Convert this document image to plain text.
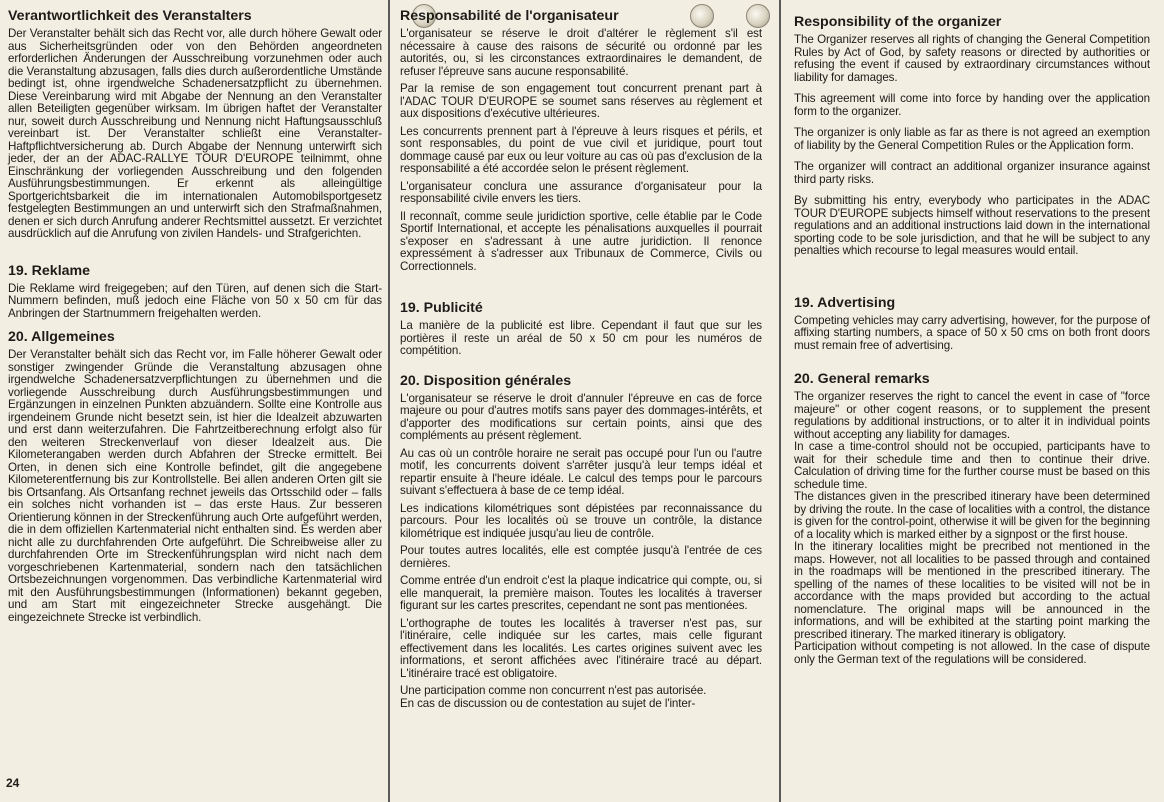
Verantwortlichkeit des Veranstalters

Der Veranstalter behält sich das Recht vor, alle durch höhere Gewalt oder aus Sicherheitsgründen oder von den Behörden angeordneten erforderlichen Änderungen der Ausschreibung vorzunehmen oder auch die Veranstaltung abzusagen, falls dies durch außerordentliche Umstände bedingt ist, ohne irgendwelche Schadenersatzpflicht zu übernehmen. Diese Vereinbarung wird mit Abgabe der Nennung an den Veranstalter allen Beteiligten gegenüber wirksam. Im übrigen haftet der Veranstalter nur, soweit durch Ausschreibung und Nennung nicht Haftungsausschluß vereinbart ist. Der Veranstalter schließt eine Veranstalter-Haftpflichtversicherung ab. Durch Abgabe der Nennung unterwirft sich jeder, der an der ADAC-RALLYE TOUR D'EUROPE teilnimmt, ohne Einschränkung der vorliegenden Ausschreibung und den folgenden Ausführungsbestimmungen. Er erkennt als alleingültige Sportgerichtsbarkeit die im internationalen Automobilsportgesetz festgelegten Bestimmungen an und unterwirft sich den Strafmaßnahmen, denen er sich durch Anrufung anderer Rechtsmittel aussetzt. Er verzichtet ausdrücklich auf die Anrufung von zivilen Handels- und Strafgerichten.

19. Reklame

Die Reklame wird freigegeben; auf den Türen, auf denen sich die Start-Nummern befinden, muß jedoch eine Fläche von 50 x 50 cm für das Anbringen der Startnummern freigehalten werden.

20. Allgemeines

Der Veranstalter behält sich das Recht vor, im Falle höherer Gewalt oder sonstiger zwingender Gründe die Veranstaltung abzusagen ohne irgendwelche Schadenersatzverpflichtungen zu übernehmen und die vorliegende Ausschreibung durch Ausführungsbestimmungen und Ergänzungen in einzelnen Punkten abzuändern. Sollte eine Kontrolle aus irgendeinem Grunde nicht besetzt sein, ist hier die Idealzeit abzuwarten und erst dann weiterzufahren. Die Fahrtzeitberechnung erfolgt also für den weiteren Streckenverlauf von dieser Idealzeit aus. Die Kilometerangaben werden durch Abfahren der Strecke ermittelt. Bei Orten, in denen sich eine Kontrolle befindet, gilt die angegebene Kilometerentfernung bis zur Kontrollstelle. Bei allen anderen Orten gilt sie bis Ortsanfang. Als Ortsanfang rechnet jeweils das Ortsschild oder – falls ein solches nicht vorhanden ist – das erste Haus. Zur besseren Orientierung können in der Streckenführung auch Orte aufgeführt werden, die in dem offiziellen Kartenmaterial nicht enthalten sind. Es werden aber nicht alle zu durchfahrenden Orte aufgeführt. Die Schreibweise aller zu durchfahrenden Orte im Streckenführungsplan wird nicht nach dem vorgeschriebenen Kartenmaterial, sondern nach den tatsächlichen Ortsbezeichnungen vorgenommen. Das verbindliche Kartenmaterial wird mit den Ausführungsbestimmungen (Informationen) bekannt gegeben, und am Start mit eingezeichneter Strecke ausgehängt. Die eingezeichnete Strecke ist verbindlich.

Responsabilité de l'organisateur

L'organisateur se réserve le droit d'altérer le règlement s'il est nécessaire à cause des raisons de sécurité ou ordonné par les autorités, ou, si les circonstances extraordinaires le demandent, de refuser l'épreuve sans aucune responsabilité.

Par la remise de son engagement tout concurrent prenant part à l'ADAC TOUR D'EUROPE se soumet sans réserves au règlement et aux dispositions d'exécutive ultérieures.

Les concurrents prennent part à l'épreuve à leurs risques et périls, et sont responsables, du point de vue civil et juridique, pourt tout dommage causé par eux ou leur voiture au cas où pas d'exclusion de la responsabilité a été accordée selon le présent règlement.

L'organisateur conclura une assurance d'organisateur pour la responsabilité civile envers les tiers.

Il reconnaît, comme seule juridiction sportive, celle établie par le Code Sportif International, et accepte les pénalisations auxquelles il pourrait s'exposer en s'adressant à une autre juridiction. Il renonce expressément à s'adresser aux Tribunaux de Commerce, Civils ou Correctionnels.

19. Publicité

La manière de la publicité est libre. Cependant il faut que sur les portières il reste un aréal de 50 x 50 cm pour les numéros de compétition.

20. Disposition générales

L'organisateur se réserve le droit d'annuler l'épreuve en cas de force majeure ou pour d'autres motifs sans payer des dommages-intérêts, et d'apporter des modifications sur certain points, ainsi que des compléments au présent règlement.

Au cas où un contrôle horaire ne serait pas occupé pour l'un ou l'autre motif, les concurrents doivent s'arrêter jusqu'à leur temps idéal et repartir ensuite à l'heure idéale. Le calcul des temps pour le parcours suivant s'effectuera à base de ce temp idéal.

Les indications kilométriques sont dépistées par reconnaissance du parcours. Pour les localités où se trouve un contrôle, la distance kilométrique est indiquée jusqu'au lieu de contrôle.

Pour toutes autres localités, elle est comptée jusqu'à l'entrée de ces dernières.

Comme entrée d'un endroit c'est la plaque indicatrice qui compte, ou, si elle manquerait, la première maison. Toutes les localités à traverser figurant sur les cartes prescrites, cependant ne sont pas mentionées.

L'orthographe de toutes les localités à traverser n'est pas, sur l'itinéraire, celle indiquée sur les cartes, mais celle figurant effectivement dans les localités. Les cartes origines suivent avec les informations, et seront affichées avec l'itinéraire tracé au départ. L'itinéraire tracé est obligatoire.

Une participation comme non concurrent n'est pas autorisée.

En cas de discussion ou de contestation au sujet de l'inter-

Responsibility of the organizer

The Organizer reserves all rights of changing the General Competition Rules by Act of God, by safety reasons or directed by authorities or refusing the event if caused by extraordinary circumstances without liability for damages.

This agreement will come into force by handing over the application form to the organizer.

The organizer is only liable as far as there is not agreed an exemption of liability by the General Competition Rules or the Application form.

The organizer will contract an additional organizer insurance against third party risks.

By submitting his entry, everybody who participates in the ADAC TOUR D'EUROPE subjects himself without reservations to the present regulations and an additional instructions laid down in the international sporting code to be sole jurisdiction, and that he will be subject to any penalties which recourse to legal measures would entail.

19. Advertising

Competing vehicles may carry advertising, however, for the purpose of affixing starting numbers, a space of 50 x 50 cms on both front doors must remain free of advertising.

20. General remarks

The organizer reserves the right to cancel the event in case of "force majeure" or other cogent reasons, or to supplement the present regulations by additional instructions, or to alter it in individual points without accepting any liability for damages.

In case a time-control should not be occupied, participants have to wait for their schedule time and then to continue their drive. Calculation of driving time for the further course must be based on this schedule time.

The distances given in the prescribed itinerary have been determined by driving the route. In the case of localities with a control, the distance is given for the control-point, otherwise it will be given for the beginning of a locality which is marked either by a signpost or the first house.

In the itinerary localities might be precribed not mentioned in the maps. However, not all localities to be passed through and contained in the roadmaps will be mentioned in the prescribed itinerary. The spelling of the names of these localities to be visited will not be in accordance with the maps provided but according to the actual nomenclature. The original maps will be announced in the informations, and will be exhibited at the starting point marking the prescribed itinerary. The marked itinerary is obligatory.

Participation without competing is not allowed. In the case of dispute only the German text of the regulations will be considered.

24
